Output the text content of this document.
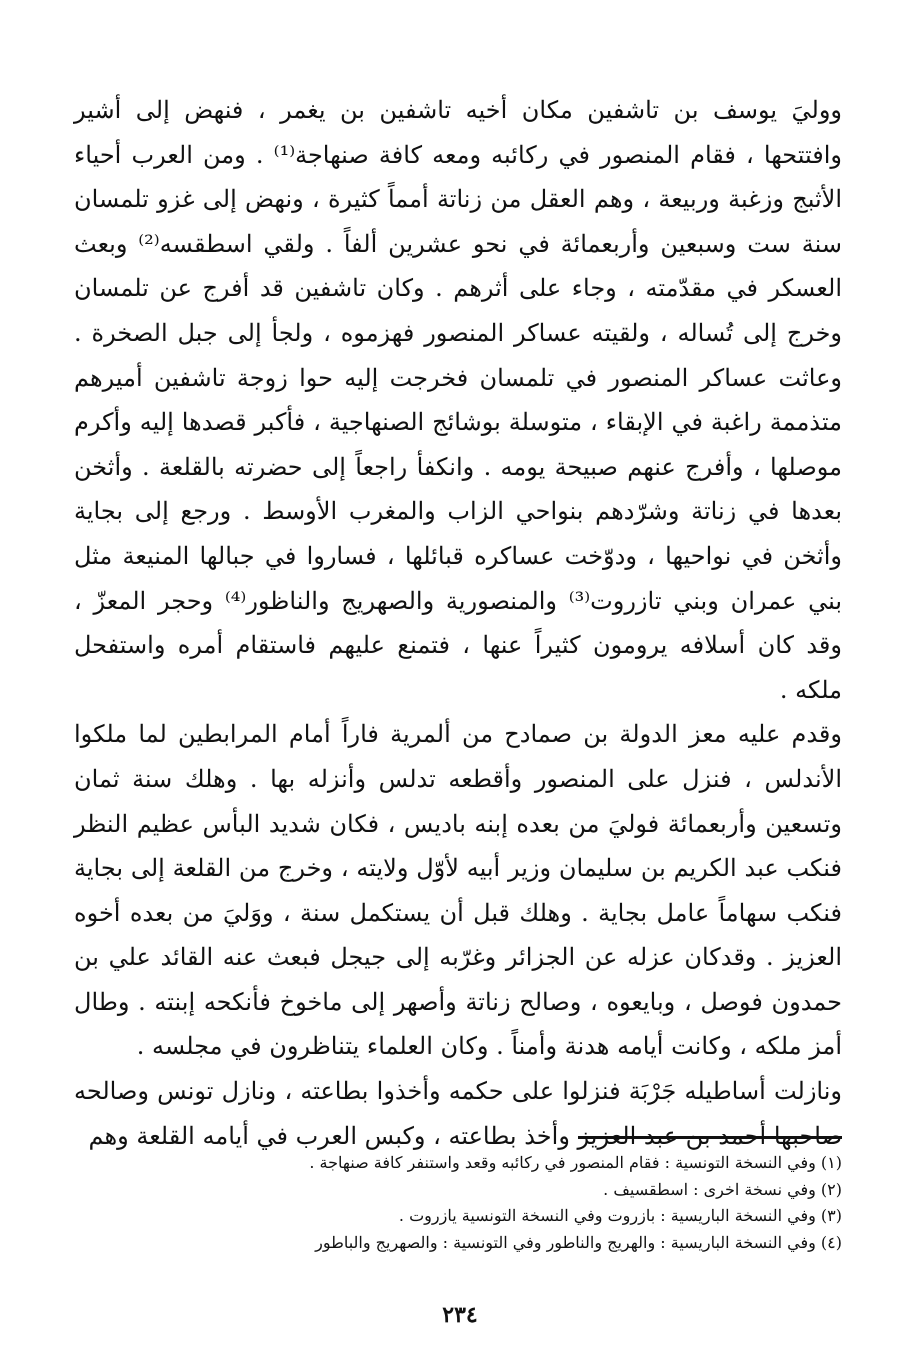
ووليَ يوسف بن تاشفين مكان أخيه تاشفين بن يغمر ، فنهض إلى أشير وافتتحها ، فقام المنصور في ركائبه ومعه كافة صنهاجة⁽¹⁾ . ومن العرب أحياء الأثبج وزغبة وربيعة ، وهم العقل من زناتة أمماً كثيرة ، ونهض إلى غزو تلمسان سنة ست وسبعين وأربعمائة في نحو عشرين ألفاً . ولقي اسطقسه⁽²⁾ وبعث العسكر في مقدّمته ، وجاء على أثرهم . وكان تاشفين قد أفرج عن تلمسان وخرج إلى تُساله ، ولقيته عساكر المنصور فهزموه ، ولجأ إلى جبل الصخرة . وعاثت عساكر المنصور في تلمسان فخرجت إليه حوا زوجة تاشفين أميرهم متذممة راغبة في الإبقاء ، متوسلة بوشائج الصنهاجية ، فأكبر قصدها إليه وأكرم موصلها ، وأفرج عنهم صبيحة يومه . وانكفأ راجعاً إلى حضرته بالقلعة . وأثخن بعدها في زناتة وشرّدهم بنواحي الزاب والمغرب الأوسط . ورجع إلى بجاية وأثخن في نواحيها ، ودوّخت عساكره قبائلها ، فساروا في جبالها المنيعة مثل بني عمران وبني تازروت⁽³⁾ والمنصورية والصهريج والناظور⁽⁴⁾ وحجر المعزّ ، وقد كان أسلافه يرومون كثيراً عنها ، فتمنع عليهم فاستقام أمره واستفحل ملكه .

وقدم عليه معز الدولة بن صمادح من ألمرية فاراً أمام المرابطين لما ملكوا الأندلس ، فنزل على المنصور وأقطعه تدلس وأنزله بها . وهلك سنة ثمان وتسعين وأربعمائة فوليَ من بعده إبنه باديس ، فكان شديد البأس عظيم النظر فنكب عبد الكريم بن سليمان وزير أبيه لأوّل ولايته ، وخرج من القلعة إلى بجاية فنكب سهاماً عامل بجاية . وهلك قبل أن يستكمل سنة ، ووَليَ من بعده أخوه العزيز . وقدكان عزله عن الجزائر وغرّبه إلى جيجل فبعث عنه القائد علي بن حمدون فوصل ، وبايعوه ، وصالح زناتة وأصهر إلى ماخوخ فأنكحه إبنته . وطال أمز ملكه ، وكانت أيامه هدنة وأمناً . وكان العلماء يتناظرون في مجلسه .

ونازلت أساطيله جَرْبَة فنزلوا على حكمه وأخذوا بطاعته ، ونازل تونس وصالحه صاحبها أحمد بن عبد العزيز وأخذ بطاعته ، وكبس العرب في أيامه القلعة وهم

(١) وفي النسخة التونسية : فقام المنصور في ركائبه وقعد واستنفر كافة صنهاجة .
(٢) وفي نسخة اخرى : اسطقسيف .
(٣) وفي النسخة الباريسية : بازروت وفي النسخة التونسية يازروت .
(٤) وفي النسخة الباريسية : والهريج والناطور وفي التونسية : والصهريج والباطور
٢٣٤
